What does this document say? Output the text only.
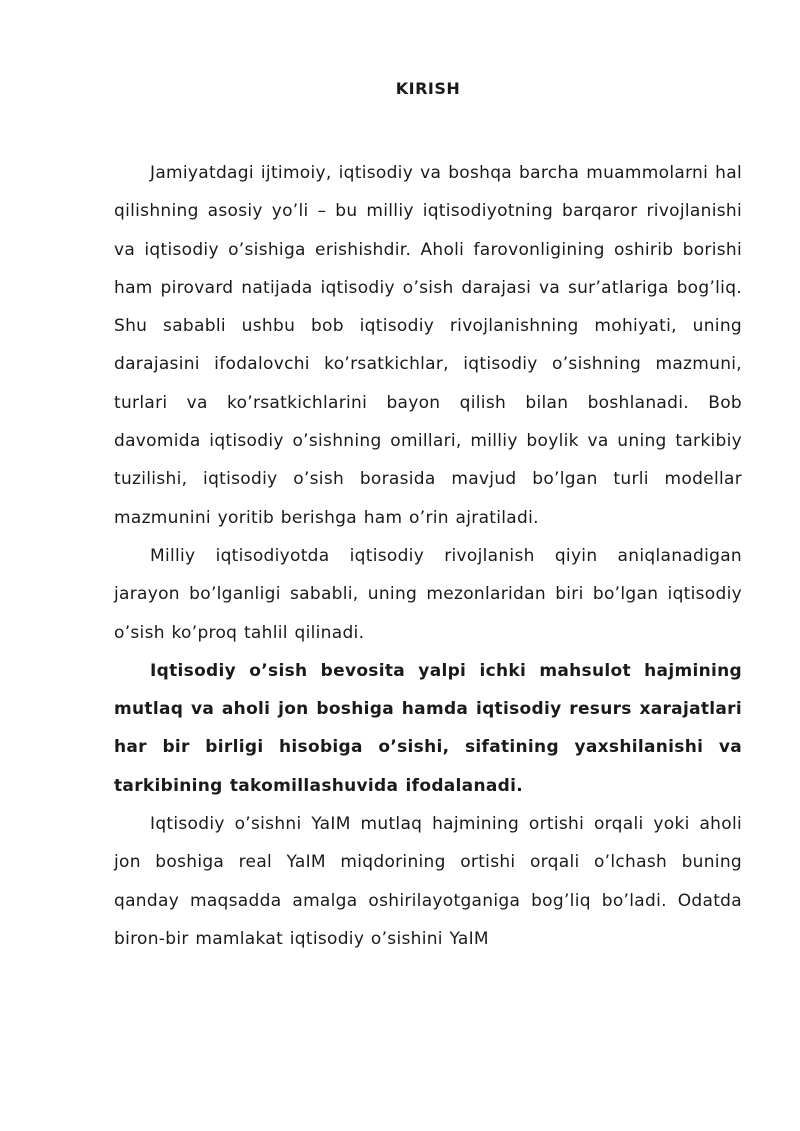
KIRISH

Jamiyatdagi ijtimoiy, iqtisodiy va boshqa barcha muammolarni hal qilishning asosiy yo’li – bu milliy iqtisodiyotning barqaror rivojlanishi va iqtisodiy o’sishiga erishishdir. Aholi farovonligining oshirib borishi ham pirovard natijada iqtisodiy o’sish darajasi va sur’atlariga bog’liq. Shu sababli ushbu bob iqtisodiy rivojlanishning mohiyati, uning darajasini ifodalovchi ko’rsatkichlar, iqtisodiy o’sishning mazmuni, turlari va ko’rsatkichlarini bayon qilish bilan boshlanadi. Bob davomida iqtisodiy o’sishning omillari, milliy boylik va uning tarkibiy tuzilishi, iqtisodiy o’sish borasida mavjud bo’lgan turli modellar mazmunini yoritib berishga ham o’rin ajratiladi.

Milliy iqtisodiyotda iqtisodiy rivojlanish qiyin aniqlanadigan jarayon bo’lganligi sababli, uning mezonlaridan biri bo’lgan iqtisodiy o’sish ko’proq tahlil qilinadi.

Iqtisodiy o’sish bevosita yalpi ichki mahsulot hajmining mutlaq va aholi jon boshiga hamda iqtisodiy resurs xarajatlari har bir birligi hisobiga o’sishi, sifatining yaxshilanishi va tarkibining takomillashuvida ifodalanadi.

Iqtisodiy o’sishni YaIM mutlaq hajmining ortishi orqali yoki aholi jon boshiga real YaIM miqdorining ortishi orqali o’lchash buning qanday maqsadda amalga oshirilayotganiga bog’liq bo’ladi. Odatda biron-bir mamlakat iqtisodiy o’sishini YaIM
